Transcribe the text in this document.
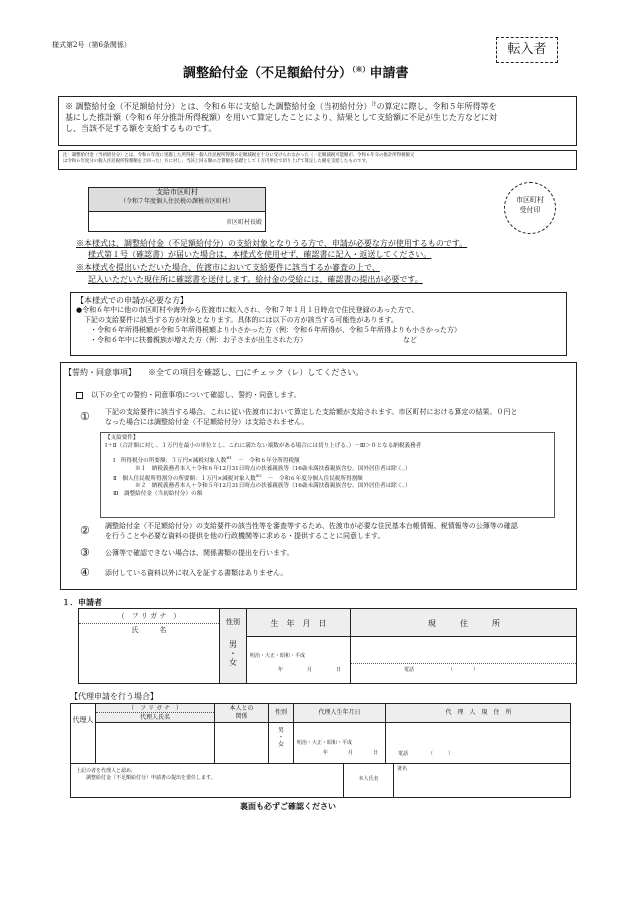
様式第2号（第6条関係）	転入者
調整給付金（不足額給付分）（※）申請書

※ 調整給付金（不足額給付分）とは、令和６年に支給した調整給付金（当初給付分）$^注$の算定に際し、令和５年所得等を

基にした推計額（令和６年分推計所得税額）を用いて算定したことにより、結果として支給額に不足が生じた方などに対

し、当該不足する額を支給するものです。

注：調整給付金（当初給付分）とは、令和６年度に実施した所得税・個人住民税所得割の定額減税を十分に受けられなかった（一定額減税可能額が、令和６年分の推計所得税額又

は令和６年度分の個人住民税所得割額を上回った）方に対し、当該上回る額の合算額を基礎として１万円単位で切り上げて算定した額を支給したものです。

支給市区町村

（令和７年度個人住民税の課税市区町村）

市区町村長殿

市区町村

受付印

※本様式は、調整給付金（不足額給付分）の支給対象となりうる方で、申請が必要な方が使用するものです。

様式第１号（確認書）が届いた場合は、本様式を使用せず、確認書に記入・返送してください。

※本様式を提出いただいた場合、佐渡市において支給要件に該当するか審査の上で、

記入いただいた現住所に確認書を送付します。給付金の受給には、確認書の提出が必要です。

【本様式での申請が必要な方】

●令和６年中に他の市区町村や海外から佐渡市に転入され、令和７年１月１日時点で住民登録のあった方で、

下記の支給要件に該当する方が対象となります。具体的には以下の方が該当する可能性があります。

・令和６年所得税額が令和５年所得税額より小さかった方（例：令和６年所得が、令和５年所得よりも小さかった方）

・令和６年中に扶養親族が増えた方（例：お子さまが出生された方）	など

【誓約・同意事項】 ※全ての項目を確認し、□にチェック（レ）してください。
以下の全ての誓約・同意事項について確認し、誓約・同意します。
① 下記の支給要件に該当する場合、これに従い佐渡市において算定した支給額が支給されます。市区町村における算定の結果、０円と

なった場合には調整給付金（不足額給付分）は支給されません。

【支給要件】

Ⅰ＋Ⅱ（合計額に対し、１万円を最小の単位とし、これに満たない端数がある場合には切り上げる。）－Ⅲ＞０となる納税義務者

Ⅰ　所得税分の所要額：３万円×減税対象人数$^{※1}$－　令和６年分所得税額

※１　納税義務者本人＋令和６年12月31日時点の扶養親族等（16歳未満扶養親族含む。国外居住者は除く。）

Ⅱ　個人住民税所得割分の所要額：１万円×減税対象人数$^{※2}$－　令和６年度分個人住民税所得割額

※２　納税義務者本人＋令和５年12月31日時点の扶養親族等（16歳未満扶養親族含む。国外居住者は除く。）

Ⅲ　調整給付金（当初給付分）の額

② 調整給付金（不足額給付分）の支給要件の該当性等を審査等するため、佐渡市が必要な住民基本台帳情報、税情報等の公簿等の確認

を行うことや必要な資料の提供を他の行政機関等に求める・提供することに同意します。

③ 公簿等で確認できない場合は、関係書類の提出を行います。
④ 添付している資料以外に収入を証する書類はありません。
１．申請者
（　フ リ ガ ナ　）
氏　　　名
性別

男

・

女

生　年　月　日
明治・大正・昭和・平成
年	月	日
現　　　住　　　所
電話	（　　　　）
【代理申請を行う場合】
代理人
（　フ リ ガ ナ　）
代理人氏名

本人との

関係

性別

男

・

女

代理人生年月日
明治・大正・昭和・平成
年	月	日
代　理　人　現　住　所
電話	（　　　）

上記の者を代理人と認め、

調整給付金（不足額給付分）申請書の提出を委任します。	本人氏名
署名
裏面も必ずご確認ください
